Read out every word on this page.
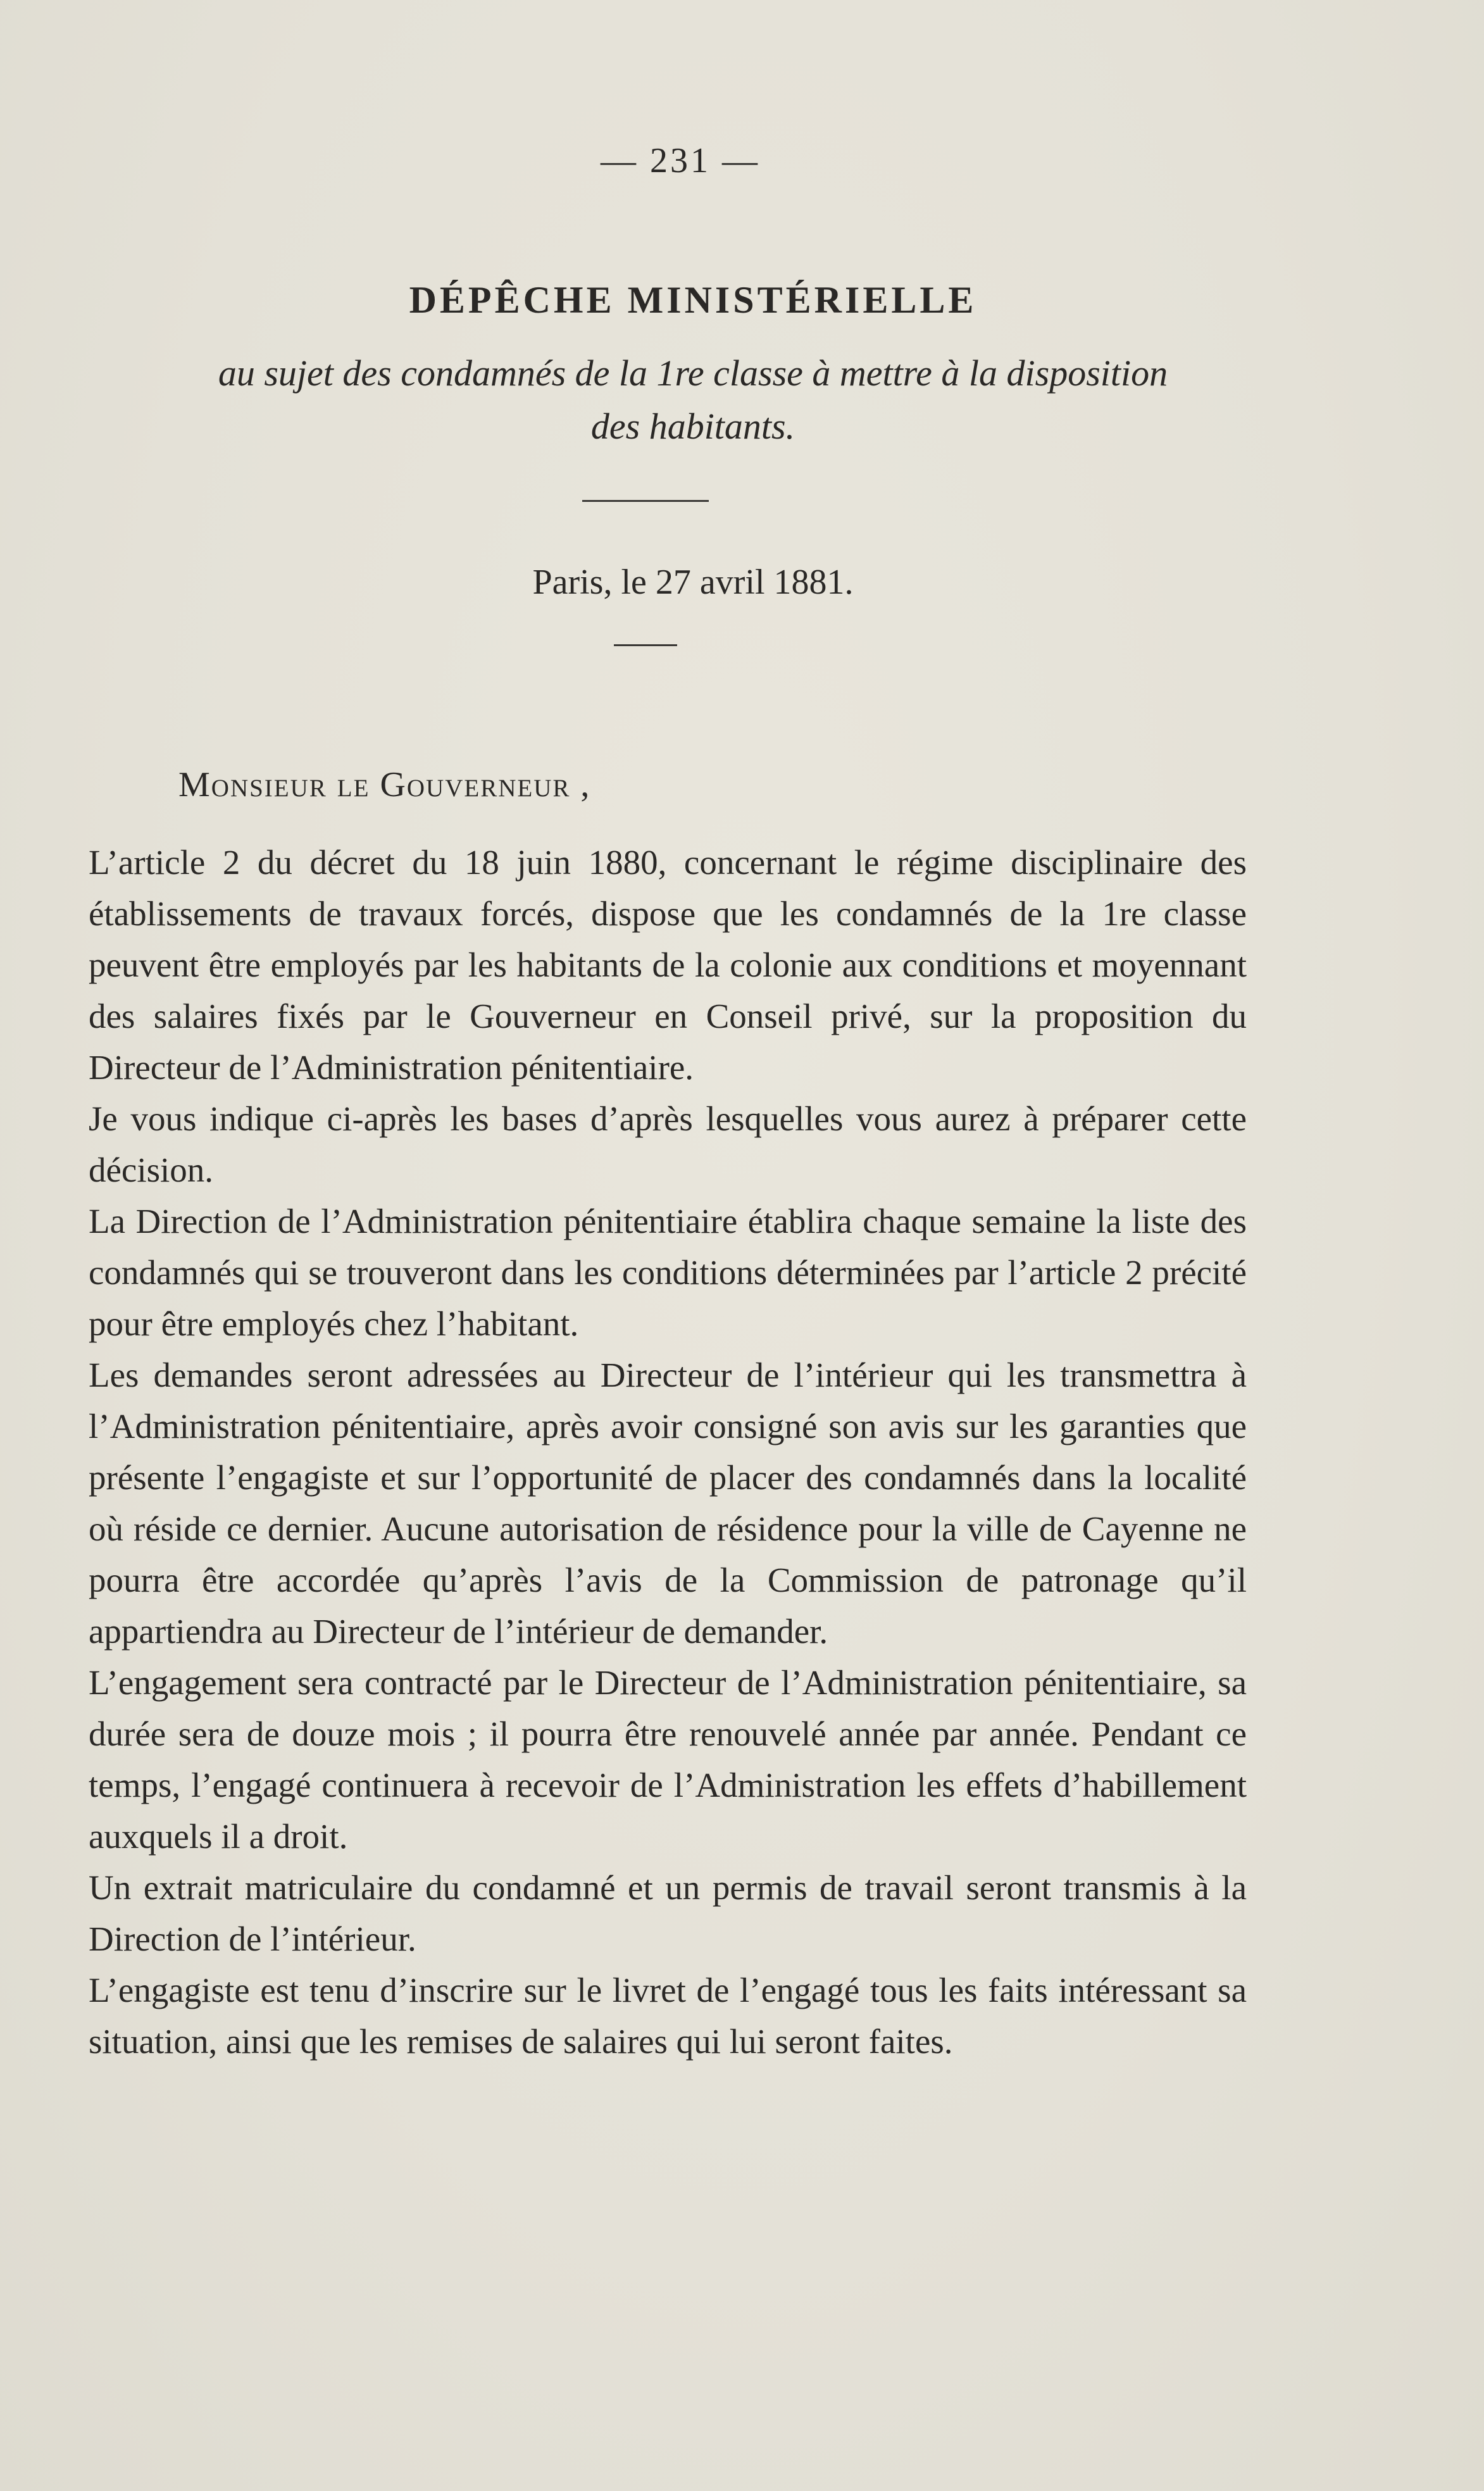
— 231 —
DÉPÊCHE MINISTÉRIELLE
au sujet des condamnés de la 1re classe à mettre à la disposition
des habitants.
Paris, le 27 avril 1881.
Monsieur le Gouverneur ,

L’article 2 du décret du 18 juin 1880, concernant le régime disciplinaire des établissements de travaux forcés, dispose que les condamnés de la 1re classe peuvent être employés par les habitants de la colonie aux conditions et moyennant des salaires fixés par le Gouverneur en Conseil privé, sur la proposition du Directeur de l’Administration pénitentiaire.

Je vous indique ci-après les bases d’après lesquelles vous aurez à préparer cette décision.

La Direction de l’Administration pénitentiaire établira chaque semaine la liste des condamnés qui se trouveront dans les conditions déterminées par l’article 2 précité pour être employés chez l’habitant.

Les demandes seront adressées au Directeur de l’intérieur qui les transmettra à l’Administration pénitentiaire, après avoir consigné son avis sur les garanties que présente l’engagiste et sur l’opportunité de placer des condamnés dans la localité où réside ce dernier. Aucune autorisation de résidence pour la ville de Cayenne ne pourra être accordée qu’après l’avis de la Commission de patronage qu’il appartiendra au Directeur de l’intérieur de demander.

L’engagement sera contracté par le Directeur de l’Administration pénitentiaire, sa durée sera de douze mois ; il pourra être renouvelé année par année. Pendant ce temps, l’engagé continuera à recevoir de l’Administration les effets d’habillement auxquels il a droit.

Un extrait matriculaire du condamné et un permis de travail seront transmis à la Direction de l’intérieur.

L’engagiste est tenu d’inscrire sur le livret de l’engagé tous les faits intéressant sa situation, ainsi que les remises de salaires qui lui seront faites.
